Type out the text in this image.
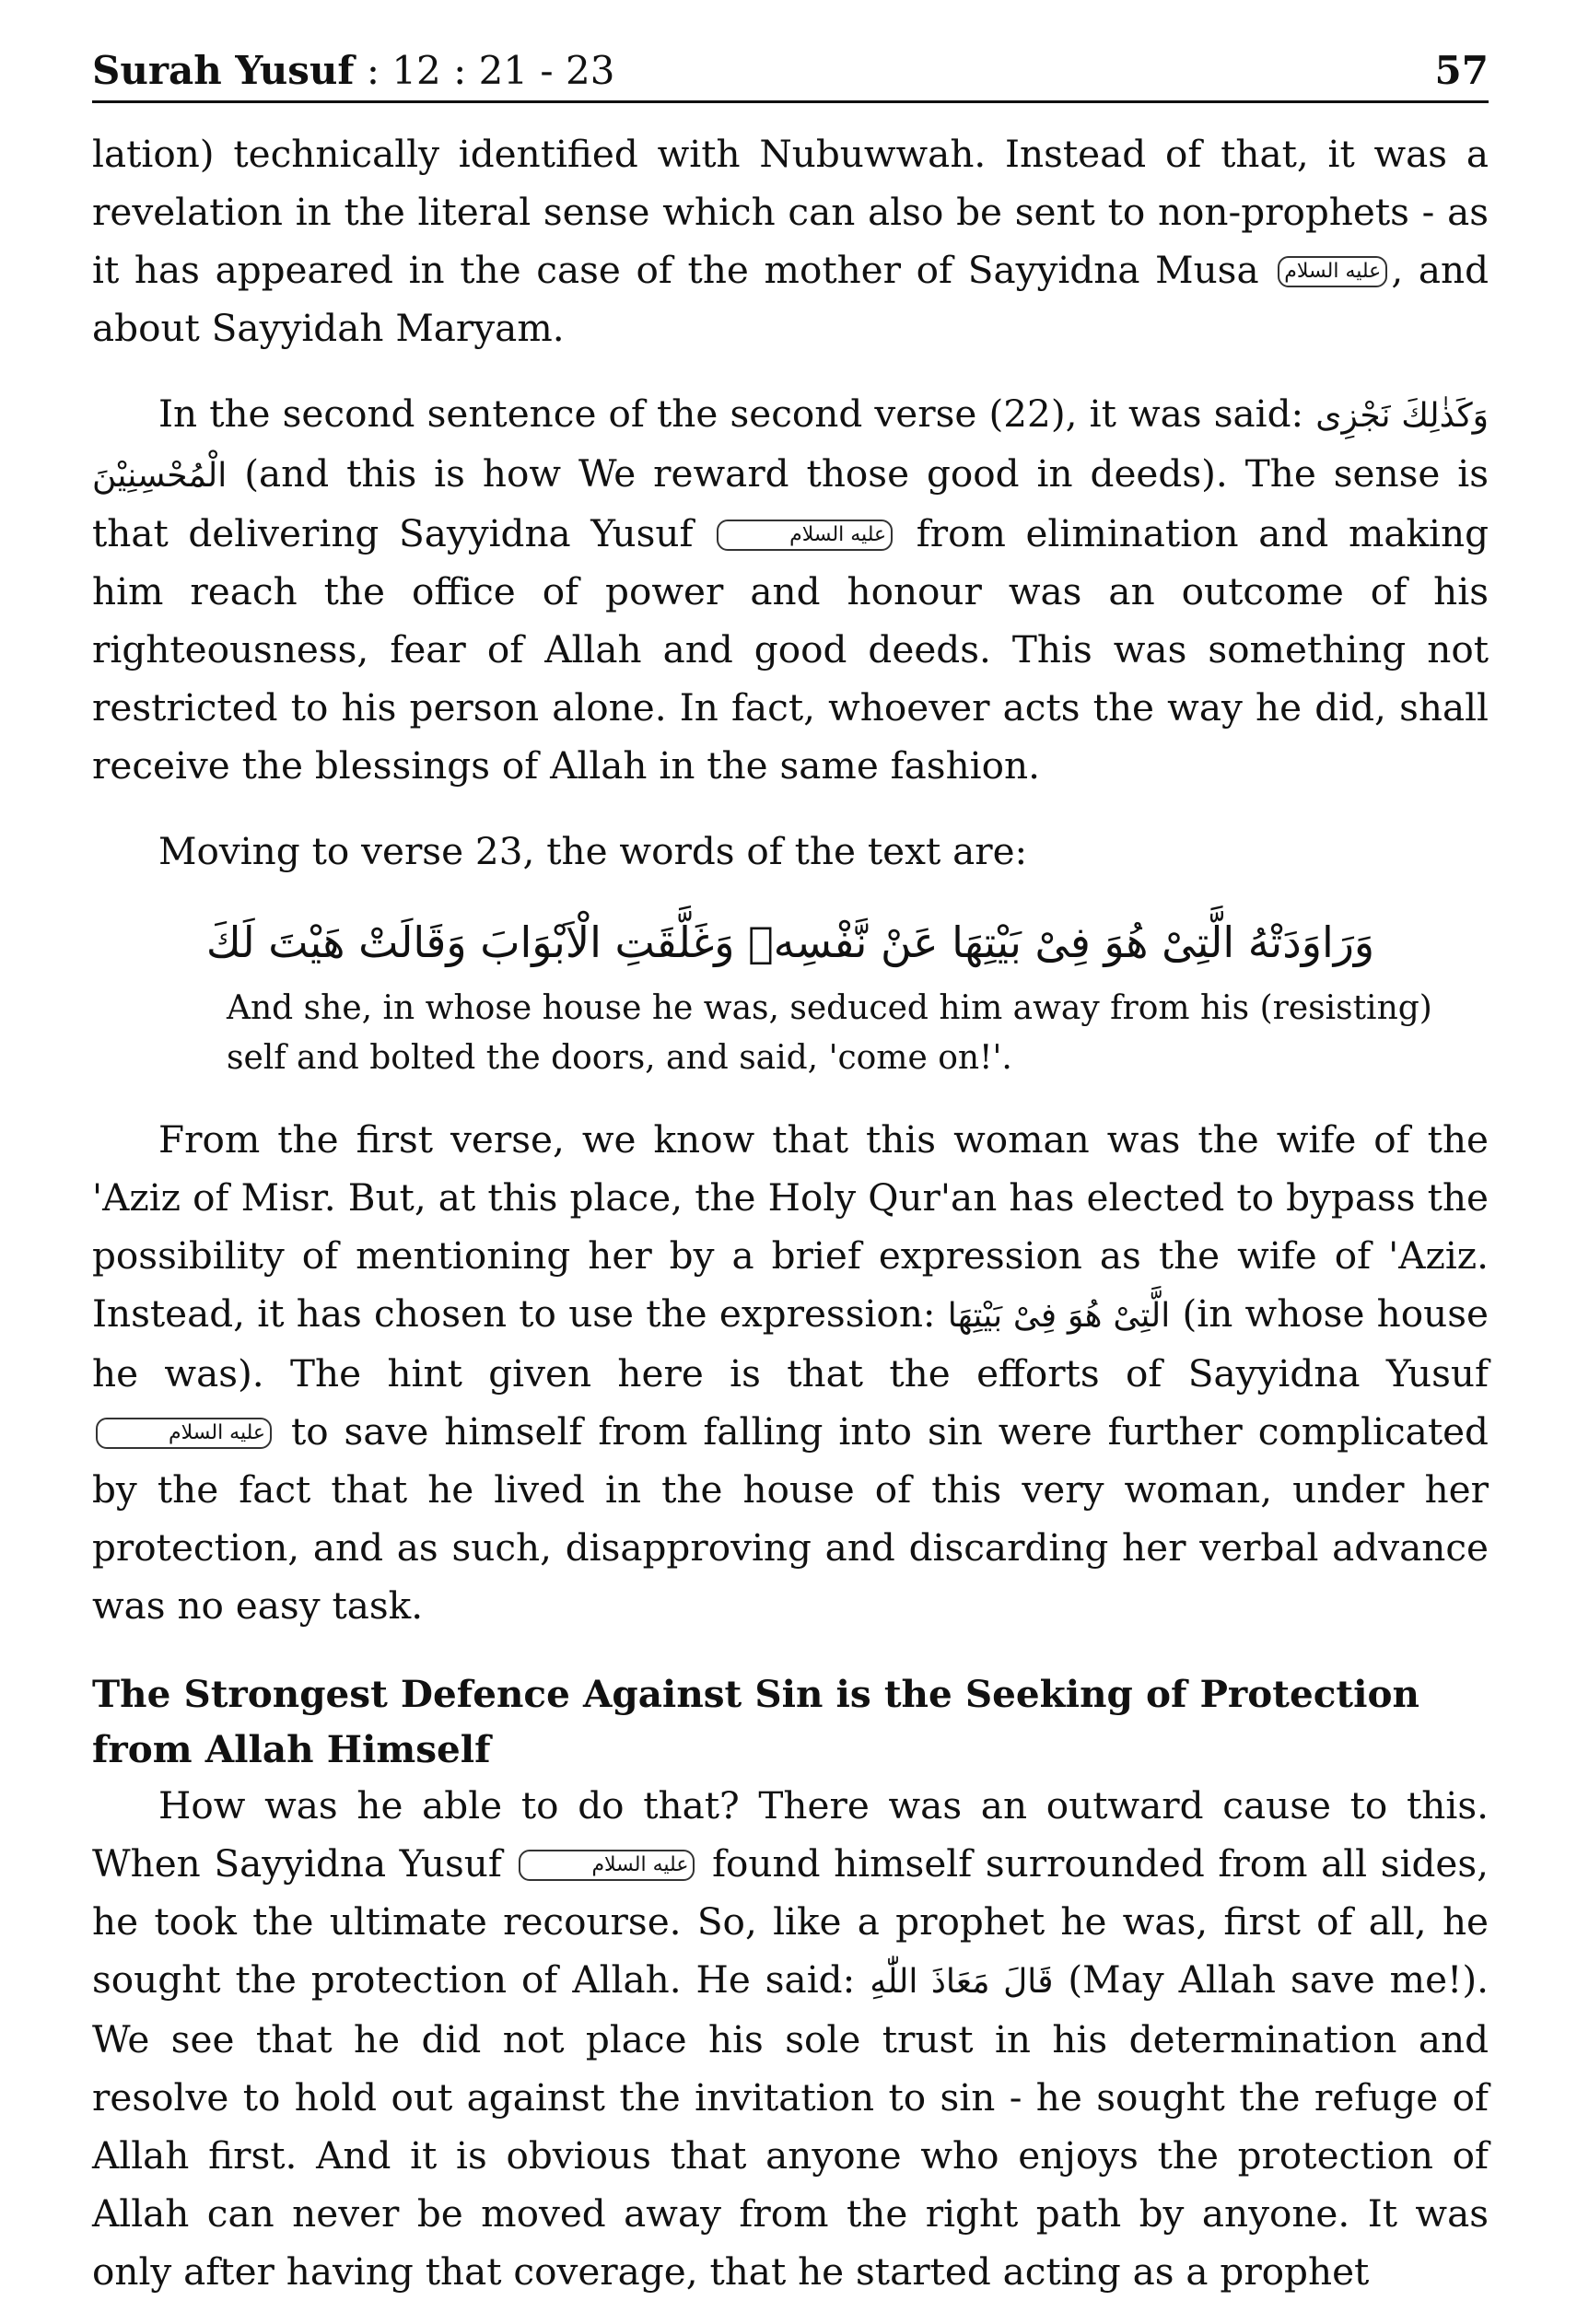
Surah Yusuf : 12 : 21 - 23	57

lation) technically identified with Nubuwwah. Instead of that, it was a revelation in the literal sense which can also be sent to non-prophets - as it has appeared in the case of the mother of Sayyidna Musa عليه السلام , and about Sayyidah Maryam.

In the second sentence of the second verse (22), it was said: وَكَذٰلِكَ نَجْزِى الْمُحْسِنِيْنَ (and this is how We reward those good in deeds). The sense is that delivering Sayyidna Yusuf	عليه السلام from elimination and making him reach the office of power and honour was an outcome of his righteousness, fear of Allah and good deeds. This was something not restricted to his person alone. In fact, whoever acts the way he did, shall receive the blessings of Allah in the same fashion.

Moving to verse 23, the words of the text are:

وَرَاوَدَتْهُ الَّتِىْ هُوَ فِىْ بَيْتِهَا عَنْ نَّفْسِهٖ وَغَلَّقَتِ الْاَبْوَابَ وَقَالَتْ هَيْتَ لَكَ
And she, in whose house he was, seduced him away from his (resisting) self and bolted the doors, and said, 'come on!'.

From the first verse, we know that this woman was the wife of the 'Aziz of Misr. But, at this place, the Holy Qur'an has elected to bypass the possibility of mentioning her by a brief expression as the wife of 'Aziz. Instead, it has chosen to use the expression: الَّتِىْ هُوَ فِىْ بَيْتِهَا (in whose house he was). The hint given here is that the efforts of Sayyidna Yusuf عليه السلام to save himself from falling into sin were further complicated by the fact that he lived in the house of this very woman, under her protection, and as such, disapproving and discarding her verbal advance was no easy task.

The Strongest Defence Against Sin is the Seeking of Protection from Allah Himself

How was he able to do that? There was an outward cause to this. When Sayyidna Yusuf	عليه السلام found himself surrounded from all sides, he took the ultimate recourse. So, like a prophet he was, first of all, he sought the protection of Allah. He said: قَالَ مَعَاذَ اللّٰهِ (May Allah save me!). We see that he did not place his sole trust in his determination and resolve to hold out against the invitation to sin - he sought the refuge of Allah first. And it is obvious that anyone who enjoys the protection of Allah can never be moved away from the right path by anyone. It was only after having that coverage, that he started acting as a prophet
